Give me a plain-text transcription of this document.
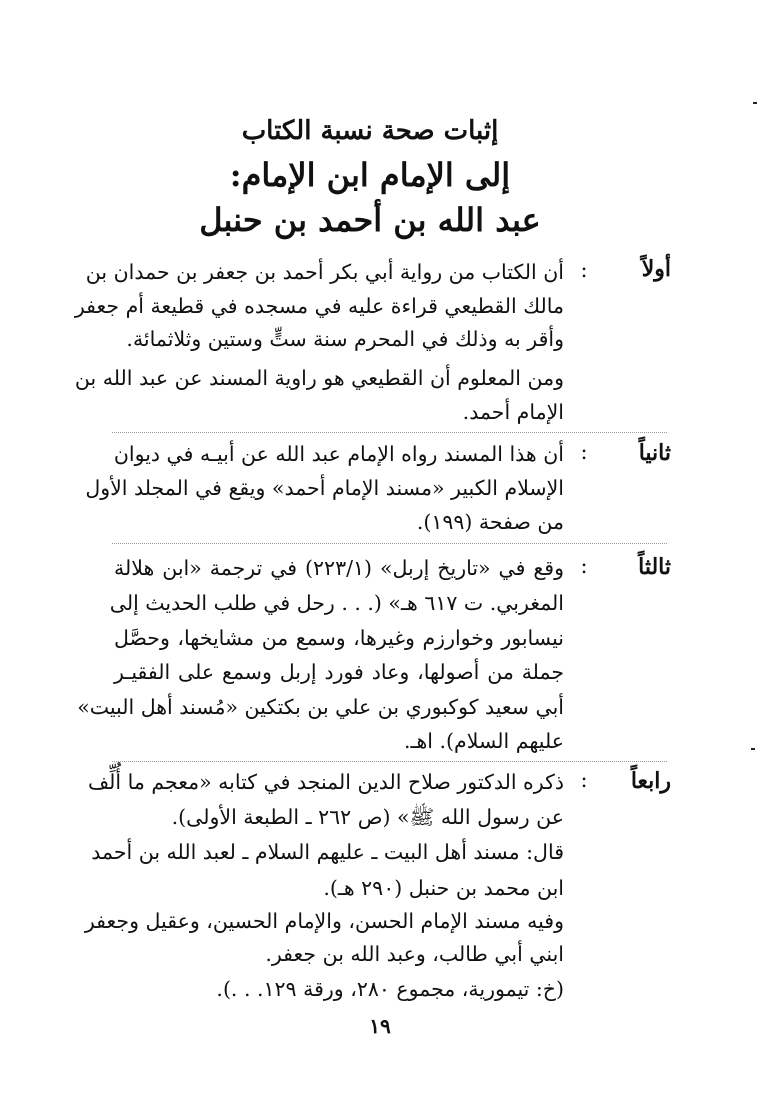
إثبات صحة نسبة الكتاب
إلى الإمام ابن الإمام:
عبد الله بن أحمد بن حنبل
أولاً
:
أن الكتاب من رواية أبي بكر أحمد بن جعفر بن حمدان بن
مالك القطيعي قراءة عليه في مسجده في قطيعة أم جعفر
وأقر به وذلك في المحرم سنة ستٍّ وستين وثلاثمائة.
ومن المعلوم أن القطيعي هو راوية المسند عن عبد الله بن
الإمام أحمد.
ثانياً
:
أن هذا المسند رواه الإمام عبد الله عن أبيـه في ديوان
الإسلام الكبير «مسند الإمام أحمد» ويقع في المجلد الأول
من صفحة (١٩٩).
ثالثاً
:
وقع في «تاريخ إربل» (٢٢٣/١) في ترجمة «ابن هلالة
المغربي. ت ٦١٧ هـ» (. . . رحل في طلب الحديث إلى
نيسابور وخوارزم وغيرها، وسمع من مشايخها، وحصَّل
جملة من أصولها، وعاد فورد إربل وسمع على الفقيـر
أبي سعيد كوكبوري بن علي بن بكتكين «مُسند أهل البيت»
عليهم السلام). اهـ.
رابعاً
:
ذكره الدكتور صلاح الدين المنجد في كتابه «معجم ما أُلِّف
عن رسول الله ﷺ» (ص ٢٦٢ ـ الطبعة الأولى).
قال: مسند أهل البيت ـ عليهم السلام ـ لعبد الله بن أحمد
ابن محمد بن حنبل (٢٩٠ هـ).
وفيه مسند الإمام الحسن، والإمام الحسين، وعقيل وجعفر
ابني أبي طالب، وعبد الله بن جعفر.
(خ: تيمورية، مجموع ٢٨٠، ورقة ١٢٩. . .).
١٩
